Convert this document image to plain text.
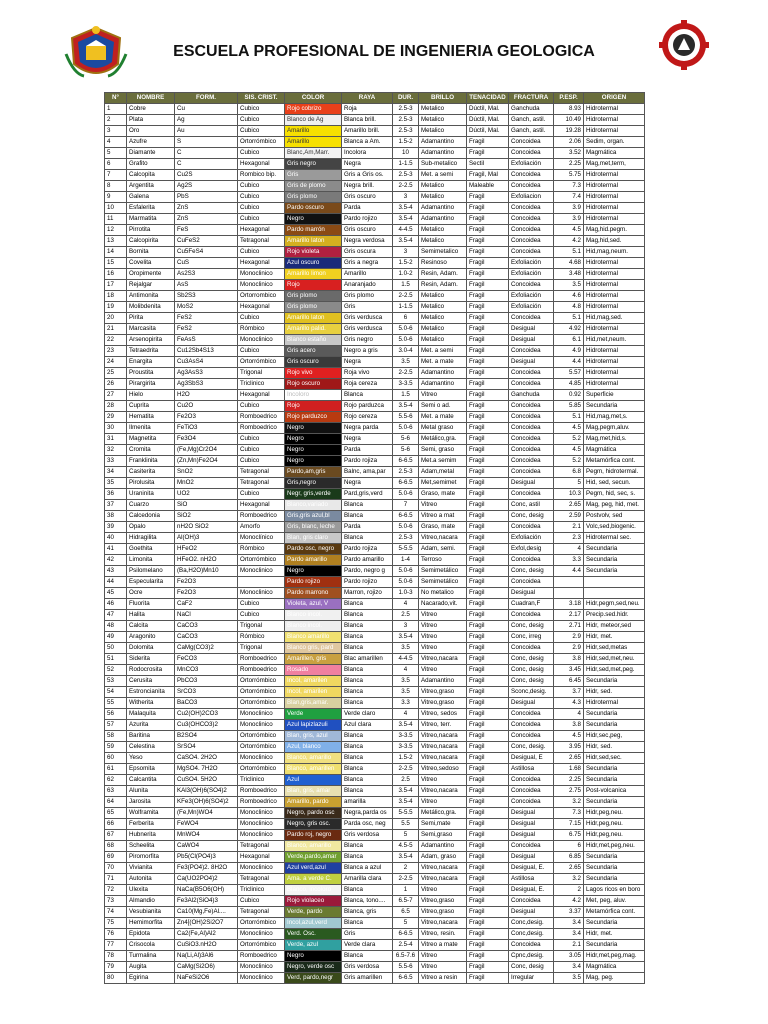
ESCUELA PROFESIONAL DE INGENIERIA GEOLOGICA
N°	NOMBRE	FORM.	SIS. CRIST.	COLOR	RAYA	DUR.	BRILLO	TENACIDAD	FRACTURA	P.ESP.	ORIGEN
1	Cobre	Cu	Cubico	Rojo cobrizo	Roja	2.5-3	Metalico	Dúctil, Mal.	Ganchuda	8.93	Hidrotermal
2	Plata	Ag	Cubico	Blanco de Ag	Blanca brill.	2.5-3	Metalico	Dúctil, Mal.	Ganch, astil.	10.49	Hidrotermal
3	Oro	Au	Cubico	Amarillo	Amarillo brill.	2.5-3	Metalico	Dúctil, Mal.	Ganch, astil.	19.28	Hidrotermal
4	Azufre	S	Ortorrómbico	Amarillo	Blanca a Am.	1.5-2	Adamantino	Fragil	Concoidea	2.06	Sedim, organ.
5	Diamante	C	Cubico	Blanc,Am,Marr.	Incolora	10	Adamantino	Fragil	Concoidea	3.52	Magmática
6	Grafito	C	Hexagonal	Gris negro	Negra	1-1.5	Sub-metalico	Sectil	Exfoliación	2.25	Mag,met,term,
7	Calcopita	Cu2S	Rombico bip.	Gris	Gris a Gris os.	2.5-3	Met. a semi	Fragil, Mal	Concoidea	5.75	Hidrotermal
8	Argentita	Ag2S	Cubico	Gris de plomo	Negra brill.	2-2.5	Metalico	Maleable	Concoidea	7.3	Hidrotermal
9	Galena	PbS	Cubico	Gris plomo	Gris oscuro	3	Metalico	Fragil	Exfoliacion	7.4	Hidrotermal
10	Esfalerita	ZnS	Cubico	Pardo oscuro	Parda	3.5-4	Adamantino	Fragil	Concoidea	3.9	Hidrotermal
11	Marmatita	ZnS	Cubico	Negro	Pardo rojizo	3.5-4	Adamantino	Fragil	Concoidea	3.9	Hidrotermal
12	Pirrotita	FeS	Hexagonal	Pardo marrón	Gris oscuro	4-4.5	Metalico	Fragil	Concoidea	4.5	Mag,hid.pegm.
13	Calcopirita	CuFeS2	Tetragonal	Amarillo laton	Negra verdosa	3.5-4	Metalico	Fragil	Concoidea	4.2	Mag,hid,sed.
14	Bornita	Cu5FeS4	Cubico	Rojo violeta	Gris oscura	3	Semimetalico	Fragil	Concoidea	5.1	Hid,mag,neum.
15	Covelita	CuS	Hexagonal	Azul oscuro	Gris a negra	1.5-2	Resinoso	Fragil	Exfoliación	4.68	Hidrotermal
16	Oropimente	As2S3	Monoclinico	Amarillo limon	Amarillo	1.0-2	Resin, Adam.	Fragil	Exfoliación	3.48	Hidrotermal
17	Rejalgar	AsS	Monoclinico	Rojo	Anaranjado	1.5	Resin, Adam.	Fragil	Concoidea	3.5	Hidrotermal
18	Antimonita	Sb2S3	Ortorrombico	Gris plomo	Gris plomo	2-2.5	Metalico	Fragil	Exfoliación	4.6	Hidrotermal
19	Molibdenita	MoS2	Hexagonal	Gris plomo	Gris	1-1.5	Metalico	Fragil	Exfoliación	4.8	Hidrotermal
20	Pirita	FeS2	Cubico	Amarillo laton	Gris verdusca	6	Metalico	Fragil	Concoidea	5.1	Hid,mag,sed.
21	Marcasita	FeS2	Rómbico	Amarillo palid.	Gris verdusca	5.0-6	Metalico	Fragil	Desigual	4.92	Hidrotermal
22	Arsenopirita	FeAsS	Monoclinico	Blanco estaño	Gris negro	5.0-6	Metalico	Fragil	Desigual	6.1	Hid,met,neum.
23	Tetraedrita	Cu12Sb4S13	Cubico	Gris acero	Negro a gris	3.0-4	Met. a semi	Fragil	Concoidea	4.9	Hidrotermal
24	Enargita	Cu3AsS4	Ortorrómbico	Gris oscuro	Negra	3.5	Met. a mate	Fragil	Desigual	4.4	Hidrotermal
25	Proustita	Ag3AsS3	Trigonal	Rojo vivo	Roja vivo	2-2.5	Adamantino	Fragil	Concoidea	5.57	Hidrotermal
26	Pirargirita	Ag3SbS3	Triclinico	Rojo oscuro	Roja cereza	3-3.5	Adamantino	Fragil	Concoidea	4.85	Hidrotermal
27	Hielo	H2O	Hexagonal	Incoloro	Blanca	1.5	Vitreo	Fragil	Ganchuda	0.92	Superficie
28	Cuprita	Cu2O	Cubico	Rojo	Rojo parduzca	3.5-4	Semi o ad.	Fragil	Concoidea	5.85	Secundaria
29	Hematita	Fe2O3	Romboedrico	Rojo parduzco	Rojo cereza	5.5-6	Met. a mate	Fragil	Concoidea	5.1	Hid,mag,met,s.
30	Ilmenita	FeTiO3	Romboedrico	Negro	Negra parda	5.0-6	Metal graso	Fragil	Concoidea	4.5	Mag,pegm,aluv.
31	Magnetita	Fe3O4	Cubico	Negro	Negra	5-6	Metálico,gra.	Fragil	Concoidea	5.2	Mag,met,hid,s.
32	Cromita	(Fe,Mg)Cr2O4	Cubico	Negro	Parda	5-6	Semi, graso	Fragil	Concoidea	4.5	Magmática
33	Franklinita	(Zn,Mn)Fe2O4	Cubico	Negro	Pardo rojiza	6-6.5	Met.a semim	Fragil	Concoidea	5.2	Metamórfica cont.
34	Casiterita	SnO2	Tetragonal	Pardo,am,gris	Balnc, ama,par	2.5-3	Adam,metal	Fragil	Concoidea	6.8	Pegm, hidrotermal.
35	Pirolusita	MnO2	Tetragonal	Gris,negro	Negra	6-6.5	Met,semimet	Fragil	Desigual	5	Hid, sed, secun.
36	Uraninita	UO2	Cubico	Negr, gris,verde	Pard,gris,verd	5.0-6	Graso, mate	Fragil	Concoidea	10.3	Pegm, hid, sec, s.
37	Cuarzo	SiO	Hexagonal	Blanco,variado	Blanca	7	Vitreo	Fragil	Conc, astil	2.65	Mag, peg, hid, met.
38	Calcedonia	SiO2	Romboedrico	Gris,gris azul,bl	Blanca	6-6.5	Vitreo a mat	Fragil	Conc, desig	2.59	Postvolv, sed
39	Opalo	nH2O SiO2	Amorfo	Gris, blanc, leche	Parda	5.0-6	Graso, mate	Fragil	Concoidea	2.1	Volc,sed,biogenic.
40	Hidragilita	Al(OH)3	Monoclínico	Blan, gris claro	Blanca	2.5-3	Vitreo,nacara	Fragil	Exfoliación	2.3	Hidrotermal sec.
41	Goethita	HFeO2	Rómbico	Pardo osc, negro	Pardo rojiza	5-5.5	Adam, semi.	Fragil	Exfol,desig	4	Secundaria
42	Limonita	HFeO2. nH2O	Ortorrómbico	Pardo amarillo	Pardo amarillo	1-4	Terroso	Fragil	Concoidea	3.3	Secundaria
43	Psilomelano	(Ba,H2O)Mn10	Monoclinico	Negro	Pardo, negro g	5.0-6	Semimetálico	Fragil	Conc, desig	4.4	Secundaria
44	Especularita	Fe2O3		Pardo rojizo	Pardo rojizo	5.0-6	Semimetálico	Fragil	Concoidea		
45	Ocre	Fe2O3	Monoclinico	Pardo marrono	Marron, rojizo	1.0-3	No metalico	Fragil	Desigual		
46	Fluorita	CaF2	Cubico	Violeta, azul, V	Blanca	4	Nacarado,vit.	Fragil	Cuadran,F	3.18	Hidr,pegm,sed,neu.
47	Halita	NaCl	Cubico	Blanco incol.	Blanca	2.5	Vitreo	Fragil	Concoidea	2.17	Precip.sed.hidr.
48	Calcita	CaCO3	Trigonal	Blanco incol.	Blanca	3	Vitreo	Fragil	Conc, desig	2.71	Hidr, meteor,sed
49	Aragonito	CaCO3	Rómbico	Blanco amarillo	Blanca	3.5-4	Vitreo	Fragil	Conc, irreg	2.9	Hidr, met.
50	Dolomita	CaMg(CO3)2	Trigonal	Blanco gris, pard	Blanca	3.5	Vitreo	Fragil	Concoidea	2.9	Hidr,sed,metas
51	Siderita	FeCO3	Romboedrico	Amarillen, gris	Blac amarillen	4-4.5	Vitreo,nacara	Fragil	Conc, desig	3.8	Hidr,sed,met,neu.
52	Rodocrosita	MnCO3	Romboedrico	Rosado	Blanca	4	Vitreo	Fragil	Conc, desig	3.45	Hidr,sed,met,peg.
53	Cerusita	PbCO3	Ortorrómbico	Incol, amarilen	Blanca	3.5	Adamantino	Fragil	Conc, desig	6.45	Secundaria
54	Estroncianita	SrCO3	Ortorrómbico	Incol, amarilen	Blanca	3.5	Vitreo,graso	Fragil	Sconc,desig.	3.7	Hidr, sed.
55	Witherita	BaCO3	Ortorrómbico	Blan,gris,amar.	Blanca	3.3	Vitreo,graso	Fragil	Desigual	4.3	Hidrotermal
56	Malaquita	Cu2(OH)2CO3	Monoclinico	Verde	Verde claro	4	Vitreo, sedos	Fragil	Concoidea	4	Secundaria
57	Azurita	Cu3(OHCO3)2	Monoclinico	Azul lapizlazuli	Azul clara	3.5-4	Vitreo, terr.	Fragil	Concoidea	3.8	Secundaria
58	Baritina	B2SO4	Ortorrómbico	Blan, gris, azul	Blanca	3-3.5	Vitreo,nacara	Fragil	Concoidea	4.5	Hidr,sec,peg,
59	Celestina	SrSO4	Ortorrómbico	Azul, blanco	Blanca	3-3.5	Vitreo,nacara	Fragil	Conc, desig.	3.95	Hidr, sed.
60	Yeso	CaSO4. 2H2O	Monoclinico	Blanco, amarillo	Blanca	1.5-2	Vitreo,nacara	Fragil	Desigual, E	2.65	Hidr,sed,sec.
61	Epsomita	MgSO4. 7H2O	Ortorrómbico	Blanco, amarillen	Blanca	2-2.5	Vitreo,sedoso	Fragil	Astillosa	1.68	Secundaria
62	Calcantita	CuSO4. 5H2O	Triclinico	Azul	Blanca	2.5	Vitreo	Fragil	Concoidea	2.25	Secundaria
63	Alunita	KAl3(OH)6(SO4)2	Romboedrico	Blan, gris, amar	Blanca	3.5-4	Vitreo,nacara	Fragil	Concoidea	2.75	Post-volcanica
64	Jarosita	KFe3(OH)6(SO4)2	Romboedrico	Amarillo, pardo	amarilla	3.5-4	Vitreo	Fragil	Concoidea	3.2	Secundaria
65	Wolframita	(Fe,Mn)WO4	Monoclinico	Negro, pardo osc	Negra,parda os	5-5.5	Metálico,gra.	Fragil	Desigual	7.3	Hidr,peg,neu.
66	Ferberita	FeWO4	Monoclinico	Negro, gris osc.	Parda osc, neg	5.5	Semi,mate	Fragil	Desigual	7.15	Hidr,peg,neu.
67	Hubnerita	MnWO4	Monoclinico	Pardo roj, negro	Gris verdosa	5	Semi,graso	Fragil	Desigual	6.75	Hidr,peg,neu.
68	Scheelita	CaWO4	Tetragonal	Blanco, amarillo	Blanca	4.5-5	Adamantino	Fragil	Concoidea	6	Hidr,met,peg,neu.
69	Piromorfita	Pb5(Cl(PO4)3	Hexagonal	Verde,pardo,amar	Blanca	3.5-4	Adam, graso	Fragil	Desigual	6.85	Secundaria
70	Vivianita	Fe3(PO4)2. 8H2O	Monoclinico	Azul verd,azul	Blanca a azul	2	Vitreo,nacara	Fragil	Desigual, E.	2.65	Secundaria
71	Autonita	Ca(UO2PO4)2	Tetragonal	Ama. a verde C.	Amarilla clara	2-2.5	Vitreo,nacara	Fragil	Astillosa	3.2	Secundaria
72	Ulexita	NaCa(B5O6(OH)	Triclinico	Blanco, incoloro	Blanca	1	Vitreo	Fragil	Desigual, E.	2	Lagos ricos en boro
73	Almandio	Fe3Al2(SiO4)3	Cubico	Rojo violaceo	Blanca, tono....	6.5-7	Vitreo,graso	Fragil	Concoidea	4.2	Met, peg, aluv.
74	Vesubianita	Ca10(Mg,Fe)Al....	Tetragonal	Verde, pardo	Blanca, gris	6.5	Vitreo,graso	Fragil	Desigual	3.37	Metamórfica cont.
75	Hemimorfita	Zn4[(OH)2Si2O7	Ortorrómbico	Incol,azul,verd	Blanca	5	Vitreo,nacara	Fragil	Conc,desig.	3.4	Secundaria
76	Epidota	Ca2(Fe,Al)Al2	Monoclinico	Verd. Osc.	Gris	6-6.5	Vitreo, resin.	Fragil	Conc,desig.	3.4	Hidr, met.
77	Crisocola	CuSiO3.nH2O	Ortorrómbico	Verde, azul	Verde clara	2.5-4	Vitreo a mate	Fragil	Concoidea	2.1	Secundaria
78	Turmalina	Na(Li,Al)3Al6	Romboedrico	Negro	Blanca	6.5-7.6	Vitreo	Fragil	Cpnc,desig.	3.05	Hidr,met,peg,mag.
79	Augita	CaMg(Si2O6)	Monoclinico	Negro, verde osc	Gris verdosa	5.5-6	Vitreo	Fragil	Conc, desig	3.4	Magmática
80	Egirina	NaFeSi2O6	Monoclinico	Verd, pardo,negr	Gris amarillen	6-6.5	Vitreo a resin	Fragil	Irregular	3.5	Mag, peg.
